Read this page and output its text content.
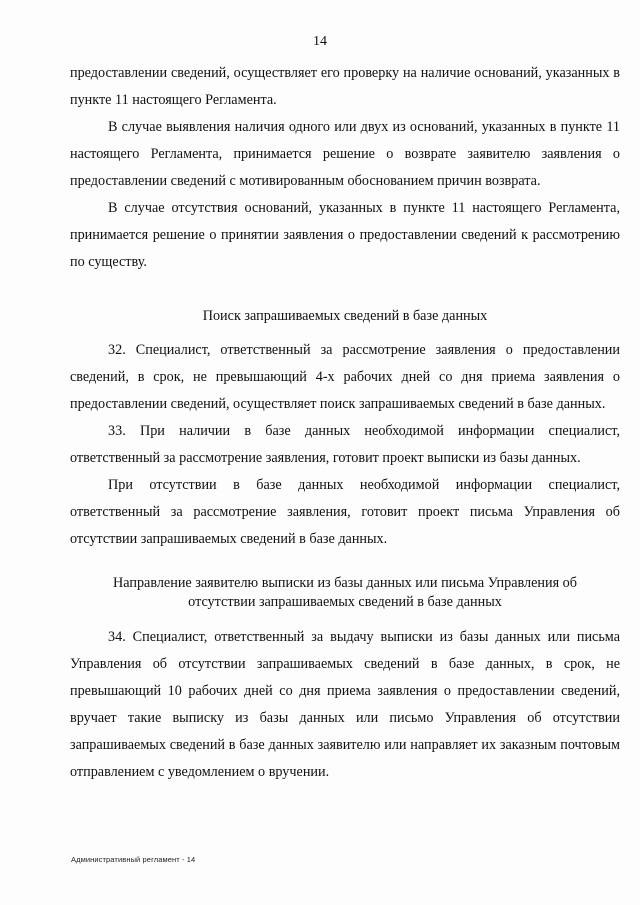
14

предоставлении сведений, осуществляет его проверку на наличие оснований, указанных в пункте 11 настоящего Регламента.

В случае выявления наличия одного или двух из оснований, указанных в пункте 11 настоящего Регламента, принимается решение о возврате заявителю заявления о предоставлении сведений с мотивированным обоснованием причин возврата.

В случае отсутствия оснований, указанных в пункте 11 настоящего Регламента, принимается решение о принятии заявления о предоставлении сведений к рассмотрению по существу.

Поиск запрашиваемых сведений в базе данных

32. Специалист, ответственный за рассмотрение заявления о предоставлении сведений, в срок, не превышающий 4-х рабочих дней со дня приема заявления о предоставлении сведений, осуществляет поиск запрашиваемых сведений в базе данных.

33. При наличии в базе данных необходимой информации специалист, ответственный за рассмотрение заявления, готовит проект выписки из базы данных.

При отсутствии в базе данных необходимой информации специалист, ответственный за рассмотрение заявления, готовит проект письма Управления об отсутствии запрашиваемых сведений в базе данных.

Направление заявителю выписки из базы данных или письма Управления об
отсутствии запрашиваемых сведений в базе данных

34. Специалист, ответственный за выдачу выписки из базы данных или письма Управления об отсутствии запрашиваемых сведений в базе данных, в срок, не превышающий 10 рабочих дней со дня приема заявления о предоставлении сведений, вручает такие выписку из базы данных или письмо Управления об отсутствии запрашиваемых сведений в базе данных заявителю или направляет их заказным почтовым отправлением с уведомлением о вручении.

Административный регламент - 14
